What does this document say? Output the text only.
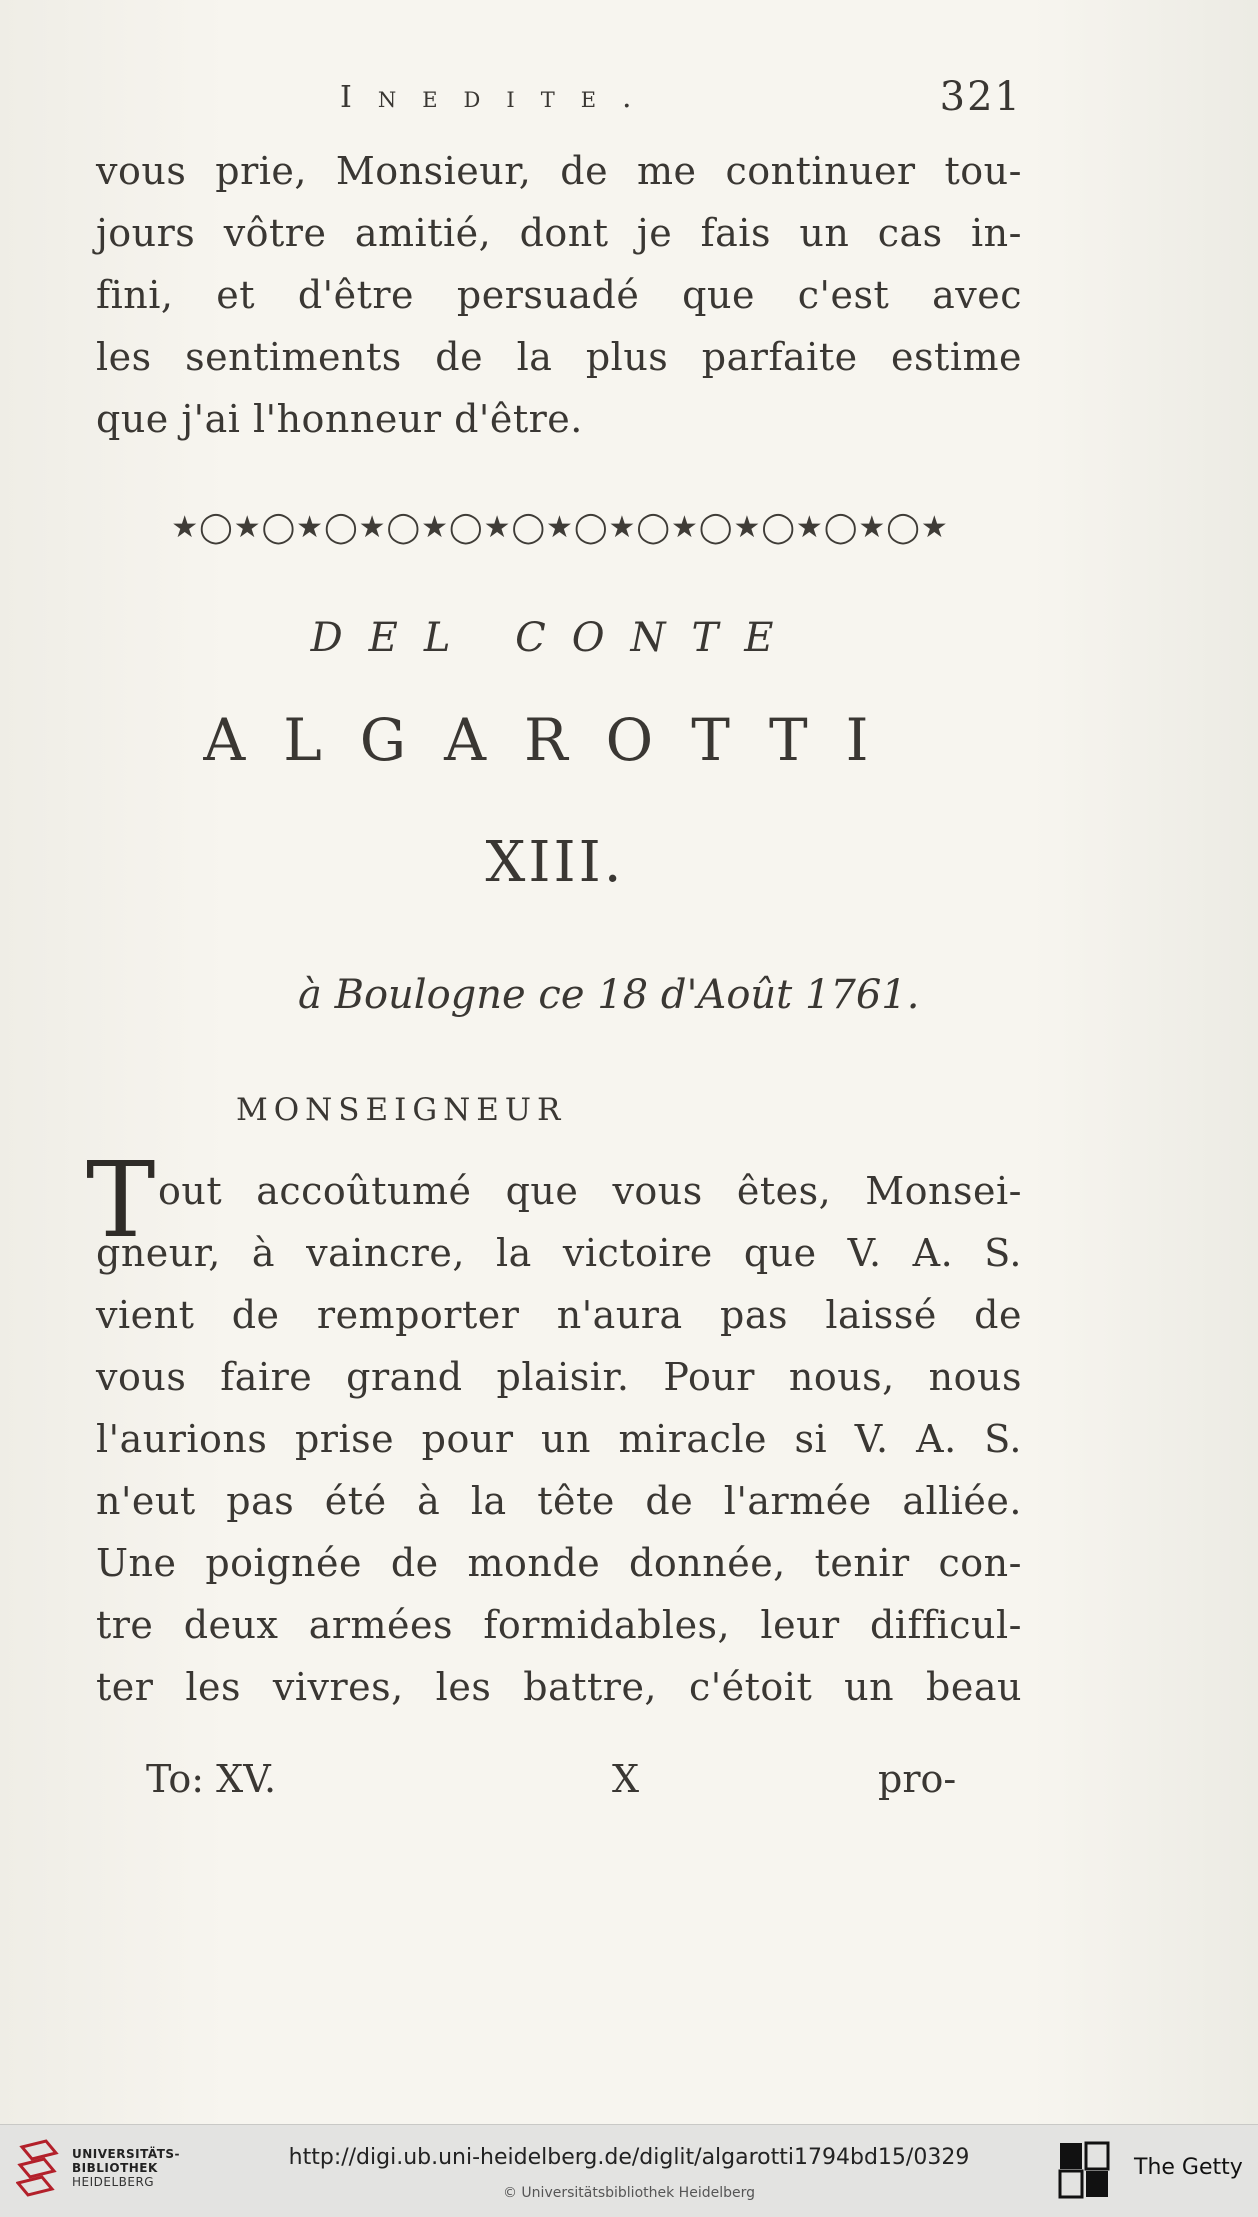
Inedite.	321
vous prie, Monsieur, de me continuer tou-
jours vôtre amitié, dont je fais un cas in-
fini, et d'être persuadé que c'est avec
les sentiments de la plus parfaite estime
que j'ai l'honneur d'être.
★◯★◯★◯★◯★◯★◯★◯★◯★◯★◯★◯★◯★
DEL CONTE
ALGAROTTI
XIII.
à Boulogne ce 18 d'Août 1761.
MONSEIGNEUR
T out accoûtumé que vous êtes, Monsei-
gneur, à vaincre, la victoire que V. A. S.
vient de remporter n'aura pas laissé de
vous faire grand plaisir. Pour nous, nous
l'aurions prise pour un miracle si V. A. S.
n'eut pas été à la tête de l'armée alliée.
Une poignée de monde donnée, tenir con-
tre deux armées formidables, leur difficul-
ter les vivres, les battre, c'étoit un beau
To: XV.	X	pro-
UNIVERSITÄTS-
BIBLIOTHEK
HEIDELBERG
http://digi.ub.uni-heidelberg.de/diglit/algarotti1794bd15/0329
© Universitätsbibliothek Heidelberg
The Getty
